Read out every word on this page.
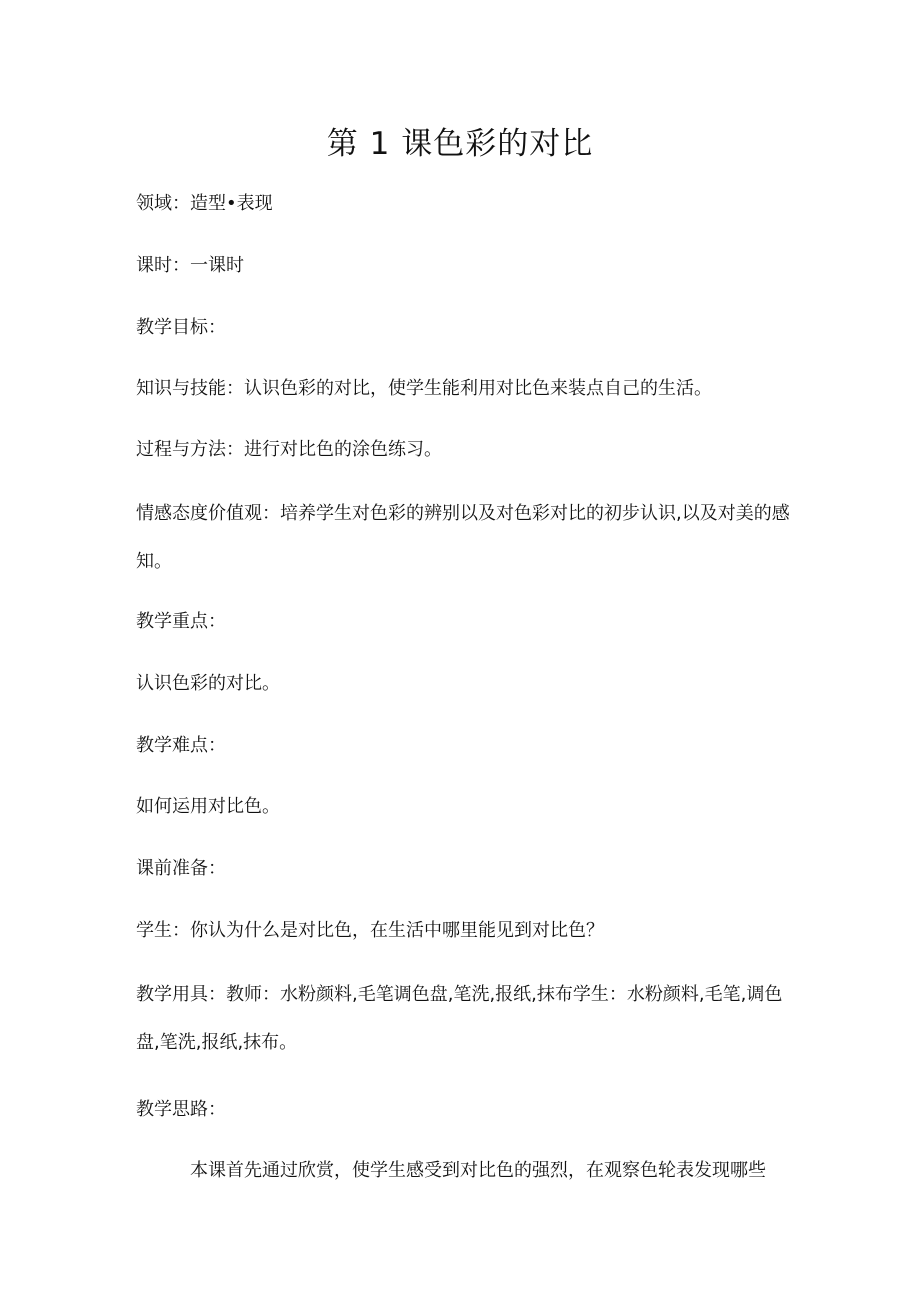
第 1 课色彩的对比

领域：造型•表现

课时：一课时

教学目标：

知识与技能：认识色彩的对比，使学生能利用对比色来装点自己的生活。

过程与方法：进行对比色的涂色练习。

情感态度价值观：培养学生对色彩的辨别以及对色彩对比的初步认识,以及对美的感知。

教学重点：

认识色彩的对比。

教学难点：

如何运用对比色。

课前准备：

学生：你认为什么是对比色，在生活中哪里能见到对比色？

教学用具：教师：水粉颜料,毛笔调色盘,笔洗,报纸,抹布学生：水粉颜料,毛笔,调色盘,笔洗,报纸,抹布。

教学思路：

本课首先通过欣赏，使学生感受到对比色的强烈，在观察色轮表发现哪些
